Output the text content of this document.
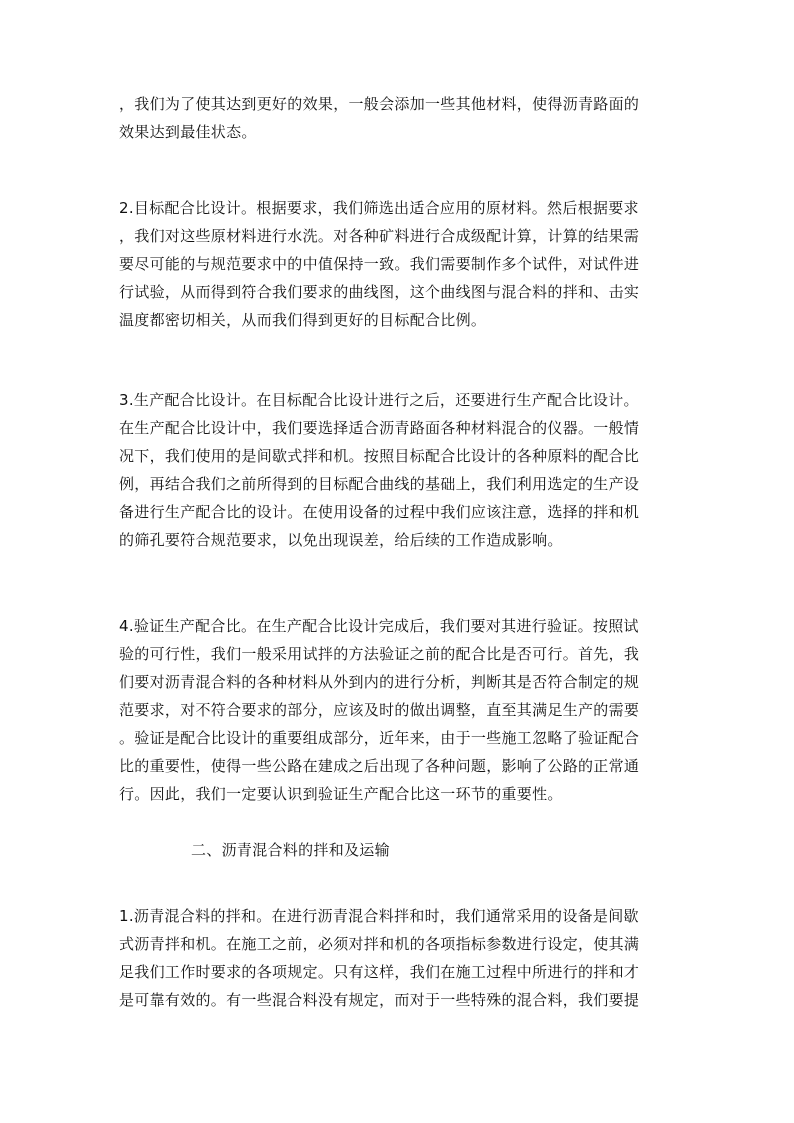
，我们为了使其达到更好的效果，一般会添加一些其他材料，使得沥青路面的
效果达到最佳状态。
2.目标配合比设计。根据要求，我们筛选出适合应用的原材料。然后根据要求
，我们对这些原材料进行水洗。对各种矿料进行合成级配计算，计算的结果需
要尽可能的与规范要求中的中值保持一致。我们需要制作多个试件，对试件进
行试验，从而得到符合我们要求的曲线图，这个曲线图与混合料的拌和、击实
温度都密切相关，从而我们得到更好的目标配合比例。
3.生产配合比设计。在目标配合比设计进行之后，还要进行生产配合比设计。
在生产配合比设计中，我们要选择适合沥青路面各种材料混合的仪器。一般情
况下，我们使用的是间歇式拌和机。按照目标配合比设计的各种原料的配合比
例，再结合我们之前所得到的目标配合曲线的基础上，我们利用选定的生产设
备进行生产配合比的设计。在使用设备的过程中我们应该注意，选择的拌和机
的筛孔要符合规范要求，以免出现误差，给后续的工作造成影响。
4.验证生产配合比。在生产配合比设计完成后，我们要对其进行验证。按照试
验的可行性，我们一般采用试拌的方法验证之前的配合比是否可行。首先，我
们要对沥青混合料的各种材料从外到内的进行分析，判断其是否符合制定的规
范要求，对不符合要求的部分，应该及时的做出调整，直至其满足生产的需要
。验证是配合比设计的重要组成部分，近年来，由于一些施工忽略了验证配合
比的重要性，使得一些公路在建成之后出现了各种问题，影响了公路的正常通
行。因此，我们一定要认识到验证生产配合比这一环节的重要性。
二、沥青混合料的拌和及运输
1.沥青混合料的拌和。在进行沥青混合料拌和时，我们通常采用的设备是间歇
式沥青拌和机。在施工之前，必须对拌和机的各项指标参数进行设定，使其满
足我们工作时要求的各项规定。只有这样，我们在施工过程中所进行的拌和才
是可靠有效的。有一些混合料没有规定，而对于一些特殊的混合料，我们要提
